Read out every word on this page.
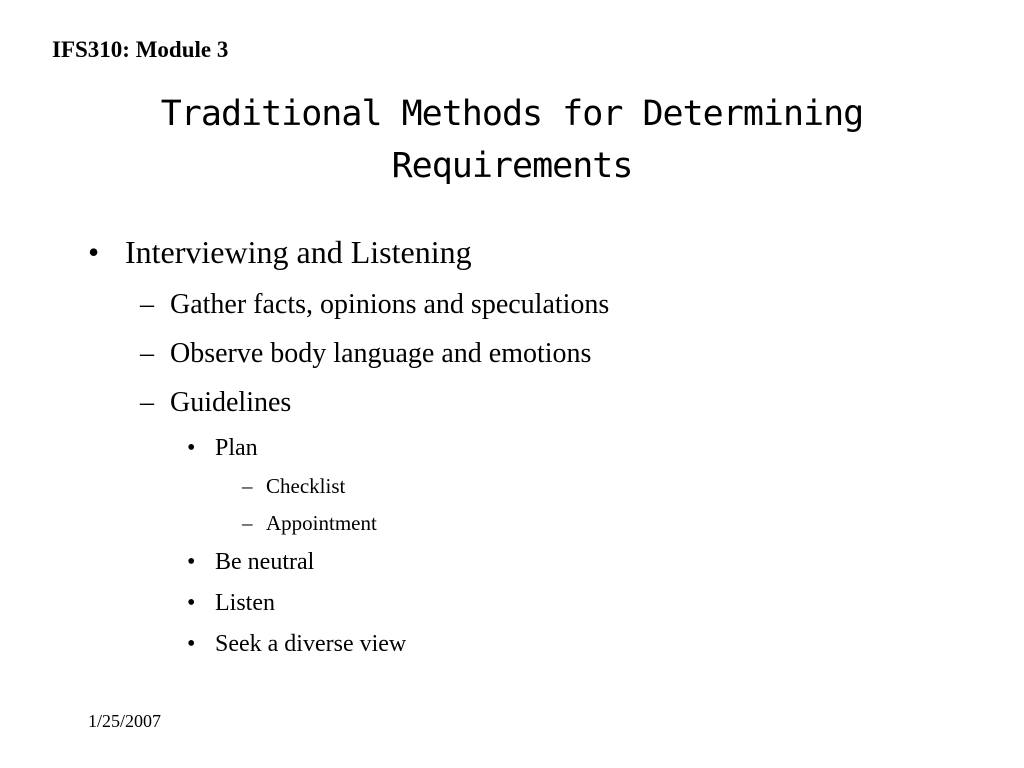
IFS310: Module 3
Traditional Methods for Determining Requirements
• Interviewing and Listening
– Gather facts, opinions and speculations
– Observe body language and emotions
– Guidelines
• Plan
– Checklist
– Appointment
• Be neutral
• Listen
• Seek a diverse view
1/25/2007
